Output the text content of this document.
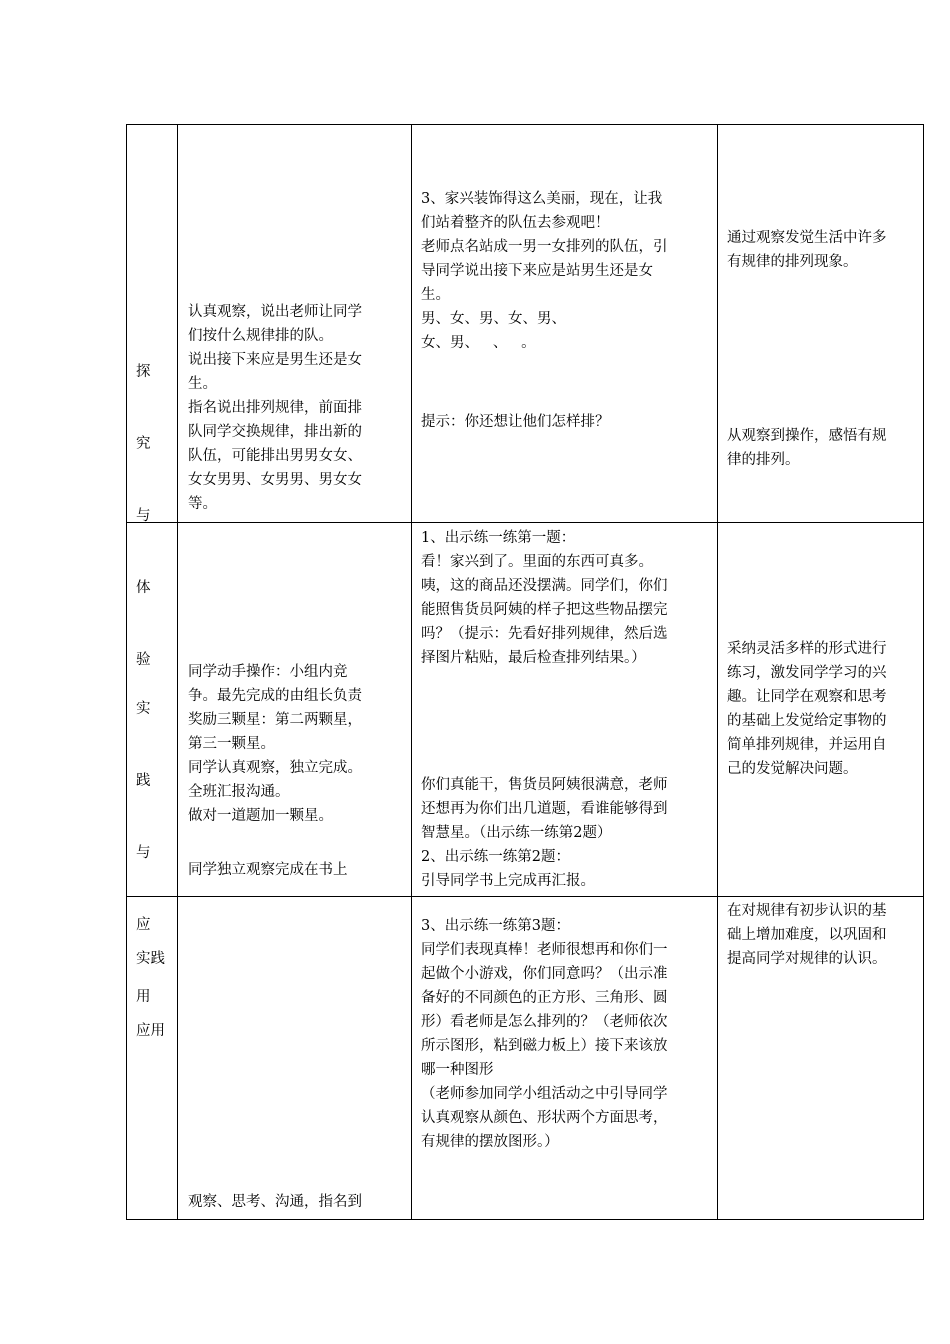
探

究

与

体

验

认真观察，说出老师让同学
们按什么规律排的队。
说出接下来应是男生还是女
生。
指名说出排列规律，前面排
队同学交换规律，排出新的
队伍，可能排出男男女女、
女女男男、女男男、男女女
等。
3、家兴装饰得这么美丽，现在，让我
们站着整齐的队伍去参观吧！
老师点名站成一男一女排列的队伍，引
导同学说出接下来应是站男生还是女
生。
男、女、男、女、男、
女、男、   、   。
提示：你还想让他们怎样排？
通过观察发觉生活中许多
有规律的排列现象。
从观察到操作，感悟有规
律的排列。

实

践

与

应

用

同学动手操作：小组内竞
争。最先完成的由组长负责
奖励三颗星：第二两颗星，
第三一颗星。
同学认真观察，独立完成。
全班汇报沟通。
做对一道题加一颗星。
同学独立观察完成在书上
1、出示练一练第一题：
看！家兴到了。里面的东西可真多。
咦，这的商品还没摆满。同学们，你们
能照售货员阿姨的样子把这些物品摆完
吗？（提示：先看好排列规律，然后选
择图片粘贴，最后检查排列结果。）
你们真能干，售货员阿姨很满意，老师
还想再为你们出几道题，看谁能够得到
智慧星。（出示练一练第2题）
2、出示练一练第2题：
引导同学书上完成再汇报。
采纳灵活多样的形式进行
练习，激发同学学习的兴
趣。让同学在观察和思考
的基础上发觉给定事物的
简单排列规律，并运用自
己的发觉解决问题。

实践

应用

观察、思考、沟通，指名到
3、出示练一练第3题：
同学们表现真棒！老师很想再和你们一
起做个小游戏，你们同意吗？（出示准
备好的不同颜色的正方形、三角形、圆
形）看老师是怎么排列的？（老师依次
所示图形，粘到磁力板上）接下来该放
哪一种图形
（老师参加同学小组活动之中引导同学
认真观察从颜色、形状两个方面思考，
有规律的摆放图形。）
在对规律有初步认识的基
础上增加难度，以巩固和
提高同学对规律的认识。
